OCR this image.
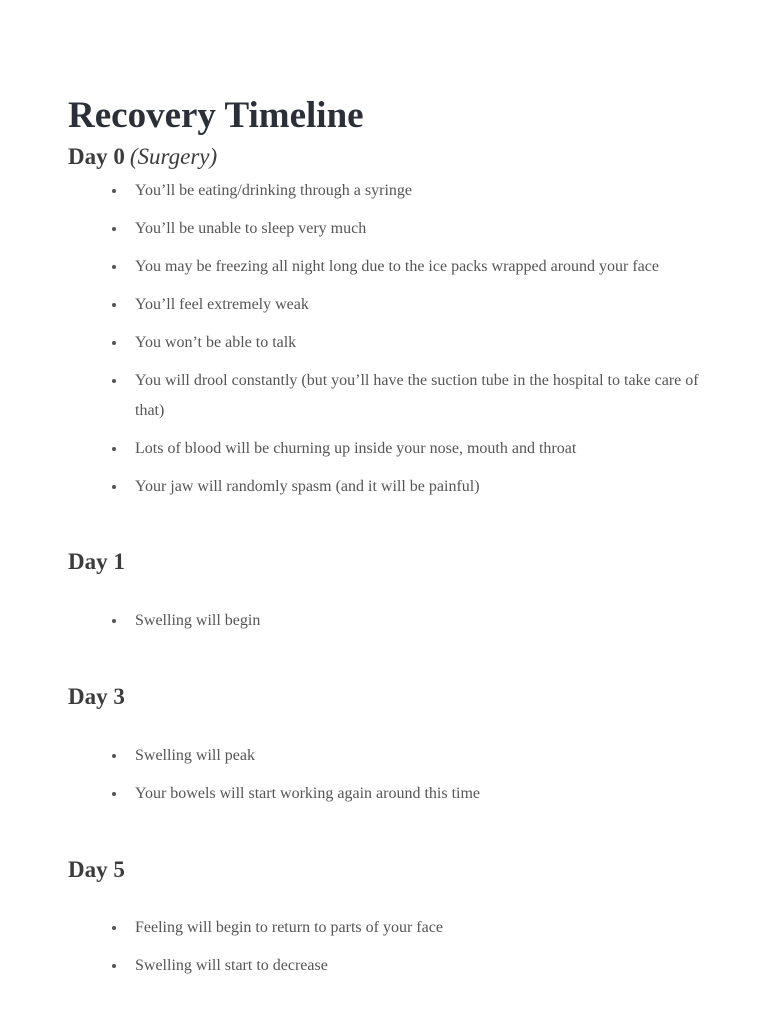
Recovery Timeline
Day 0 (Surgery)
You’ll be eating/drinking through a syringe
You’ll be unable to sleep very much
You may be freezing all night long due to the ice packs wrapped around your face
You’ll feel extremely weak
You won’t be able to talk
You will drool constantly (but you’ll have the suction tube in the hospital to take care of that)
Lots of blood will be churning up inside your nose, mouth and throat
Your jaw will randomly spasm (and it will be painful)
Day 1
Swelling will begin
Day 3
Swelling will peak
Your bowels will start working again around this time
Day 5
Feeling will begin to return to parts of your face
Swelling will start to decrease
